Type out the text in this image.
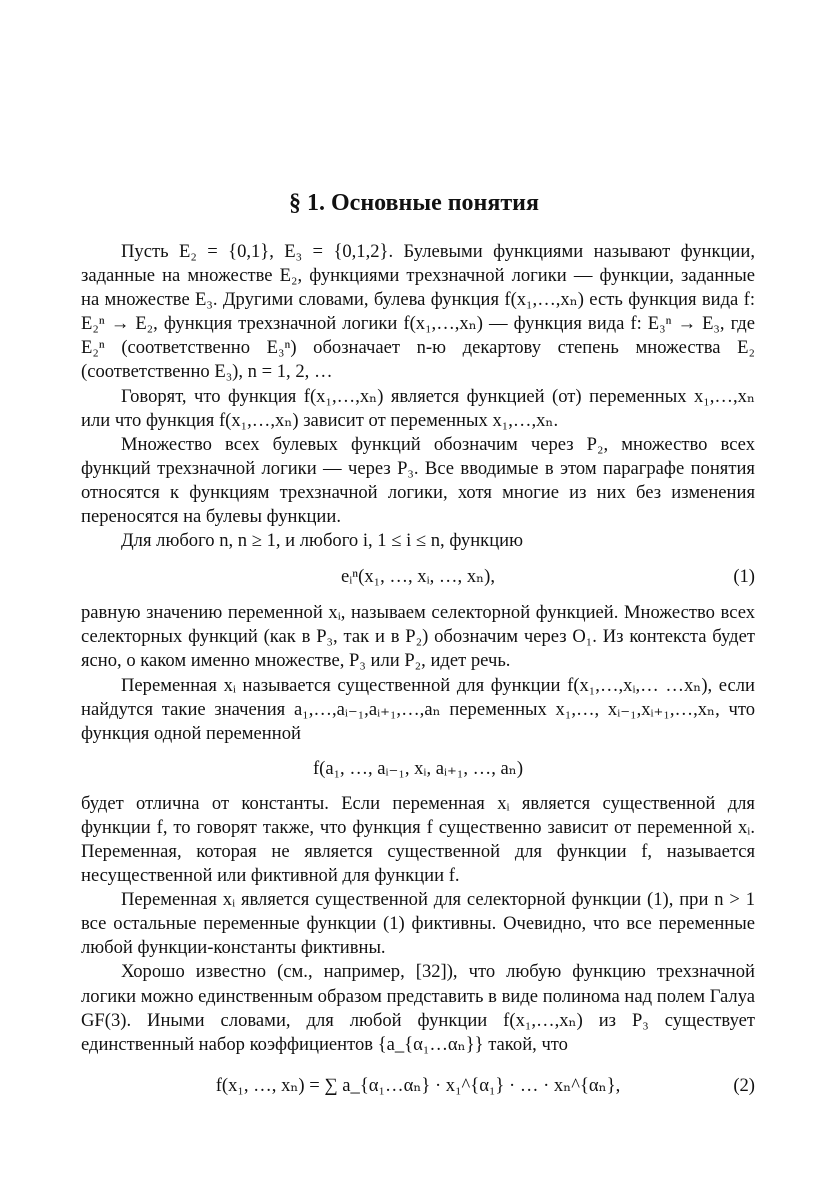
§ 1. Основные понятия

Пусть E₂ = {0,1}, E₃ = {0,1,2}. Булевыми функциями называют функции, заданные на множестве E₂, функциями трехзначной логики — функции, заданные на множестве E₃. Другими словами, булева функция f(x₁,…,xₙ) есть функция вида f: E₂ⁿ → E₂, функция трехзначной логики f(x₁,…,xₙ) — функция вида f: E₃ⁿ → E₃, где E₂ⁿ (соответственно E₃ⁿ) обозначает n-ю декартову степень множества E₂ (соответственно E₃), n = 1, 2, …

Говорят, что функция f(x₁,…,xₙ) является функцией (от) переменных x₁,…,xₙ или что функция f(x₁,…,xₙ) зависит от переменных x₁,…,xₙ.

Множество всех булевых функций обозначим через P₂, множество всех функций трехзначной логики — через P₃. Все вводимые в этом параграфе понятия относятся к функциям трехзначной логики, хотя многие из них без изменения переносятся на булевы функции.

Для любого n, n ≥ 1, и любого i, 1 ≤ i ≤ n, функцию

eᵢⁿ(x₁, …, xᵢ, …, xₙ),	(1)

равную значению переменной xᵢ, называем селекторной функцией. Множество всех селекторных функций (как в P₃, так и в P₂) обозначим через O₁. Из контекста будет ясно, о каком именно множестве, P₃ или P₂, идет речь.

Переменная xᵢ называется существенной для функции f(x₁,…,xᵢ,… …xₙ), если найдутся такие значения a₁,…,aᵢ₋₁,aᵢ₊₁,…,aₙ переменных x₁,…, xᵢ₋₁,xᵢ₊₁,…,xₙ, что функция одной переменной

f(a₁, …, aᵢ₋₁, xᵢ, aᵢ₊₁, …, aₙ)

будет отлична от константы. Если переменная xᵢ является существенной для функции f, то говорят также, что функция f существенно зависит от переменной xᵢ. Переменная, которая не является существенной для функции f, называется несущественной или фиктивной для функции f.

Переменная xᵢ является существенной для селекторной функции (1), при n > 1 все остальные переменные функции (1) фиктивны. Очевидно, что все переменные любой функции-константы фиктивны.

Хорошо известно (см., например, [32]), что любую функцию трехзначной логики можно единственным образом представить в виде полинома над полем Галуа GF(3). Иными словами, для любой функции f(x₁,…,xₙ) из P₃ существует единственный набор коэффициентов {a_{α₁…αₙ}} такой, что

f(x₁, …, xₙ) = ∑ a_{α₁…αₙ} · x₁^{α₁} · … · xₙ^{αₙ},	(2)
